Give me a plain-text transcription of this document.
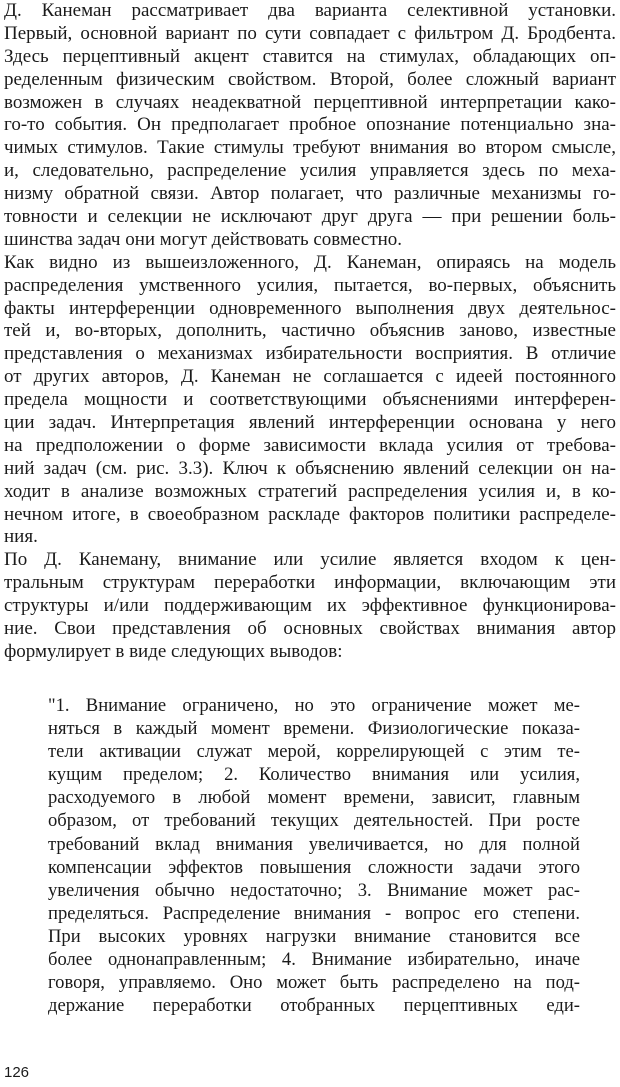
Д. Канеман рассматривает два варианта селективной установки.
Первый, основной вариант по сути совпадает с фильтром Д. Бродбента.
Здесь перцептивный акцент ставится на стимулах, обладающих оп-
ределенным физическим свойством. Второй, более сложный вариант
возможен в случаях неадекватной перцептивной интерпретации како-
го-то события. Он предполагает пробное опознание потенциально зна-
чимых стимулов. Такие стимулы требуют внимания во втором смысле,
и, следовательно, распределение усилия управляется здесь по меха-
низму обратной связи. Автор полагает, что различные механизмы го-
товности и селекции не исключают друг друга — при решении боль-
шинства задач они могут действовать совместно.
Как видно из вышеизложенного, Д. Канеман, опираясь на модель
распределения умственного усилия, пытается, во-первых, объяснить
факты интерференции одновременного выполнения двух деятельнос-
тей и, во-вторых, дополнить, частично объяснив заново, известные
представления о механизмах избирательности восприятия. В отличие
от других авторов, Д. Канеман не соглашается с идеей постоянного
предела мощности и соответствующими объяснениями интерферен-
ции задач. Интерпретация явлений интерференции основана у него
на предположении о форме зависимости вклада усилия от требова-
ний задач (см. рис. 3.3). Ключ к объяснению явлений селекции он на-
ходит в анализе возможных стратегий распределения усилия и, в ко-
нечном итоге, в своеобразном раскладе факторов политики распределе-
ния.
По Д. Канеману, внимание или усилие является входом к цен-
тральным структурам переработки информации, включающим эти
структуры и/или поддерживающим их эффективное функционирова-
ние. Свои представления об основных свойствах внимания автор
формулирует в виде следующих выводов:
"1. Внимание ограничено, но это ограничение может ме-
няться в каждый момент времени. Физиологические показа-
тели активации служат мерой, коррелирующей с этим те-
кущим пределом; 2. Количество внимания или усилия,
расходуемого в любой момент времени, зависит, главным
образом, от требований текущих деятельностей. При росте
требований вклад внимания увеличивается, но для полной
компенсации эффектов повышения сложности задачи этого
увеличения обычно недостаточно; 3. Внимание может рас-
пределяться. Распределение внимания - вопрос его степени.
При высоких уровнях нагрузки внимание становится все
более однонаправленным; 4. Внимание избирательно, иначе
говоря, управляемо. Оно может быть распределено на под-
держание переработки отобранных перцептивных еди-
126
